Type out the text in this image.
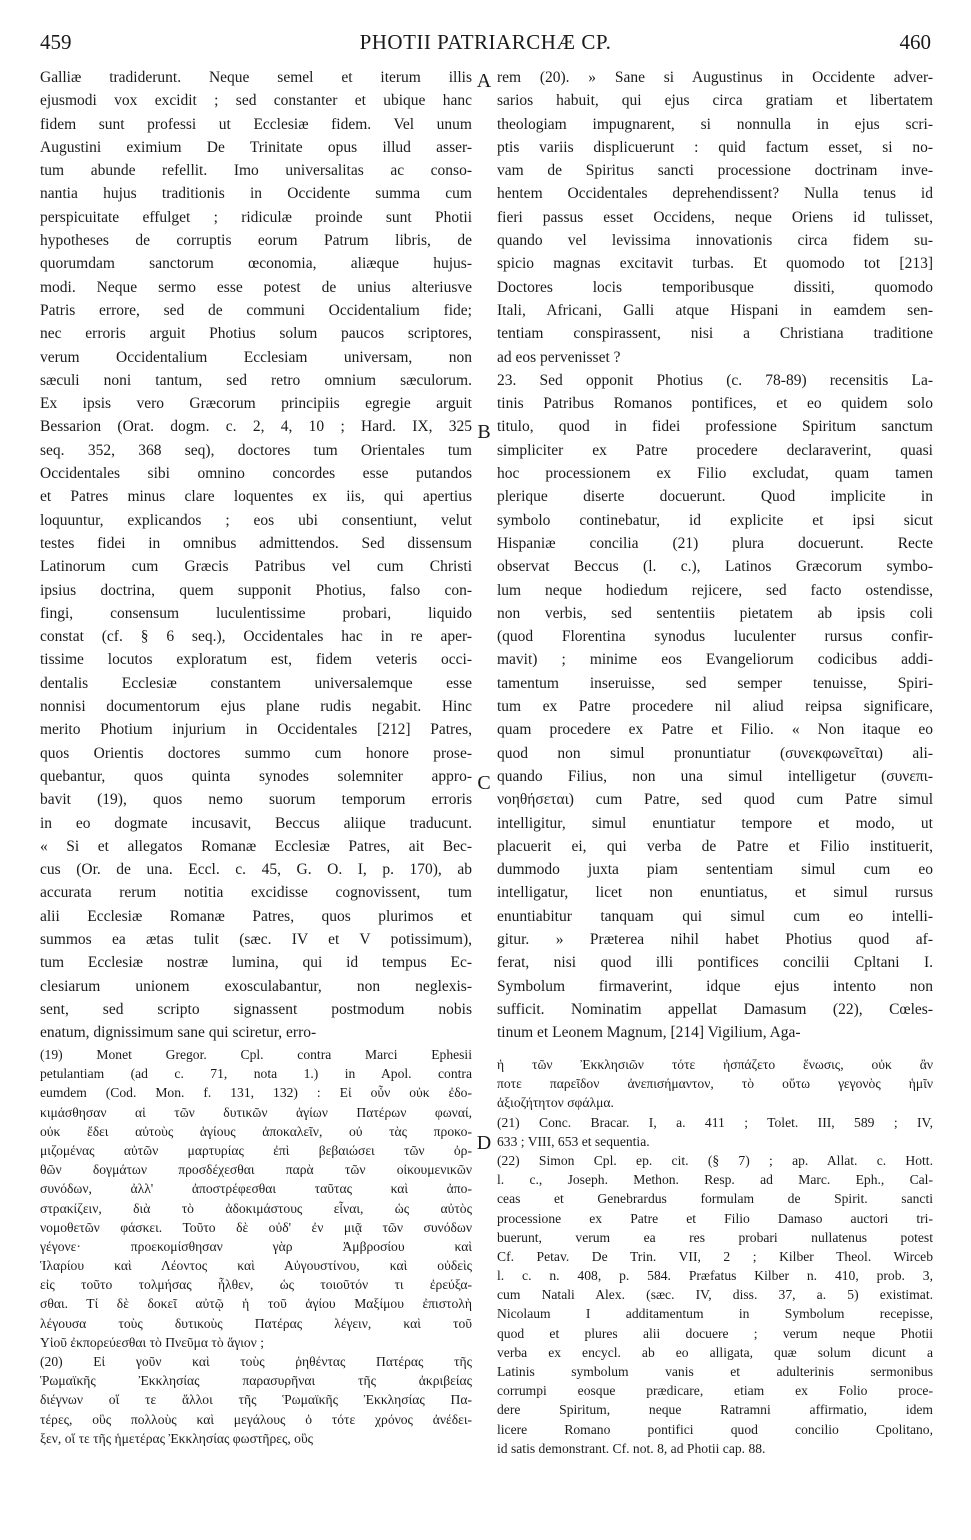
459	PHOTII PATRIARCHÆ CP.	460
Galliæ tradiderunt. Neque semel et iterum illis
ejusmodi vox excidit ; sed constanter et ubique hanc
fidem sunt professi ut Ecclesiæ fidem. Vel unum
Augustini eximium De Trinitate opus illud asser-
tum abunde refellit. Imo universalitas ac conso-
nantia hujus traditionis in Occidente summa cum
perspicuitate effulget ; ridiculæ proinde sunt Photii
hypotheses de corruptis eorum Patrum libris, de
quorumdam sanctorum œconomia, aliæque hujus-
modi. Neque sermo esse potest de unius alteriusve
Patris errore, sed de communi Occidentalium fide;
nec erroris arguit Photius solum paucos scriptores,
verum Occidentalium Ecclesiam universam, non
sæculi noni tantum, sed retro omnium sæculorum.
Ex ipsis vero Græcorum principiis egregie arguit
Bessarion (Orat. dogm. c. 2, 4, 10 ; Hard. IX, 325
seq. 352, 368 seq), doctores tum Orientales tum
Occidentales sibi omnino concordes esse putandos
et Patres minus clare loquentes ex iis, qui apertius
loquuntur, explicandos ; eos ubi consentiunt, velut
testes fidei in omnibus admittendos. Sed dissensum
Latinorum cum Græcis Patribus vel cum Christi
ipsius doctrina, quem supponit Photius, falso con-
fingi, consensum luculentissime probari, liquido
constat (cf. § 6 seq.), Occidentales hac in re aper-
tissime locutos exploratum est, fidem veteris occi-
dentalis Ecclesiæ constantem universalemque esse
nonnisi documentorum ejus plane rudis negabit. Hinc
merito Photium injurium in Occidentales [212] Patres,
quos Orientis doctores summo cum honore prose-
quebantur, quos quinta synodes solemniter appro-
bavit (19), quos nemo suorum temporum erroris
in eo dogmate incusavit, Beccus aliique traducunt.
« Si et allegatos Romanæ Ecclesiæ Patres, ait Bec-
cus (Or. de una. Eccl. c. 45, G. O. I, p. 170), ab
accurata rerum notitia excidisse cognovissent, tum
alii Ecclesiæ Romanæ Patres, quos plurimos et
summos ea ætas tulit (sæc. IV et V potissimum),
tum Ecclesiæ nostræ lumina, qui id tempus Ec-
clesiarum unionem exosculabantur, non neglexis-
sent, sed scripto signassent postmodum nobis
enatum, dignissimum sane qui sciretur, erro-
rem (20). » Sane si Augustinus in Occidente adver-
sarios habuit, qui ejus circa gratiam et libertatem
theologiam impugnarent, si nonnulla in ejus scri-
ptis variis displicuerunt : quid factum esset, si no-
vam de Spiritus sancti processione doctrinam inve-
hentem Occidentales deprehendissent? Nulla tenus id
fieri passus esset Occidens, neque Oriens id tulisset,
quando vel levissima innovationis circa fidem su-
spicio magnas excitavit turbas. Et quomodo tot [213]
Doctores locis temporibusque dissiti, quomodo
Itali, Africani, Galli atque Hispani in eamdem sen-
tentiam conspirassent, nisi a Christiana traditione
ad eos pervenisset ?
23. Sed opponit Photius (c. 78-89) recensitis La-
tinis Patribus Romanos pontifices, et eo quidem solo
titulo, quod in fidei professione Spiritum sanctum
simpliciter ex Patre procedere declaraverint, quasi
hoc processionem ex Filio excludat, quam tamen
plerique diserte docuerunt. Quod implicite in
symbolo continebatur, id explicite et ipsi sicut
Hispaniæ concilia (21) plura docuerunt. Recte
observat Beccus (l. c.), Latinos Græcorum symbo-
lum neque hodiedum rejicere, sed facto ostendisse,
non verbis, sed sententiis pietatem ab ipsis coli
(quod Florentina synodus luculenter rursus confir-
mavit) ; minime eos Evangeliorum codicibus addi-
tamentum inseruisse, sed semper tenuisse, Spiri-
tum ex Patre procedere nil aliud reipsa significare,
quam procedere ex Patre et Filio. « Non itaque eo
quod non simul pronuntiatur (συνεκφωνεῖται) ali-
quando Filius, non una simul intelligetur (συνεπι-
νοηθήσεται) cum Patre, sed quod cum Patre simul
intelligitur, simul enuntiatur tempore et modo, ut
placuerit ei, qui verba de Patre et Filio instituerit,
dummodo juxta piam sententiam simul cum eo
intelligatur, licet non enuntiatus, et simul rursus
enuntiabitur tanquam qui simul cum eo intelli-
gitur. » Præterea nihil habet Photius quod af-
ferat, nisi quod illi pontifices concilii Cpltani I.
Symbolum firmaverint, idque ejus intento non
sufficit. Nominatim appellat Damasum (22), Cœles-
tinum et Leonem Magnum, [214] Vigilium, Aga-
A
B
C
D
(19) Monet Gregor. Cpl. contra Marci Ephesii
petulantiam (ad c. 71, nota 1.) in Apol. contra
eumdem (Cod. Mon. f. 131, 132) : Εἰ οὖν οὐκ ἐδο-
κιμάσθησαν αἱ τῶν δυτικῶν ἁγίων Πατέρων φωναί,
οὐκ ἔδει αὐτοὺς ἁγίους ἀποκαλεῖν, οὐ τὰς προκο-
μιζομένας αὐτῶν μαρτυρίας ἐπὶ βεβαιώσει τῶν ὀρ-
θῶν δογμάτων προσδέχεσθαι παρὰ τῶν οἰκουμενικῶν
συνόδων, ἀλλ' ἀποστρέφεσθαι ταῦτας καὶ ἀπο-
στρακίζειν, διὰ τὸ ἀδοκιμάστους εἶναι, ὡς αὐτὸς
νομοθετῶν φάσκει. Τοῦτο δὲ οὐδ' ἐν μιᾷ τῶν συνόδων
γέγονε· προεκομίσθησαν γὰρ Ἀμβροσίου καὶ
Ἱλαρίου καὶ Λέοντος καὶ Αὐγουστίνου, καὶ οὐδεὶς
εἰς τοῦτο τολμήσας ἦλθεν, ὡς τοιοῦτόν τι ἐρεύξα-
σθαι. Τί δὲ δοκεῖ αὐτῷ ἡ τοῦ ἁγίου Μαξίμου ἐπιστολὴ
λέγουσα τοὺς δυτικοὺς Πατέρας λέγειν, καὶ τοῦ
Υἱοῦ ἐκπορεύεσθαι τὸ Πνεῦμα τὸ ἅγιον ;
(20) Εἰ γοῦν καὶ τοὺς ῥηθέντας Πατέρας τῆς
Ῥωμαϊκῆς Ἐκκλησίας παρασυρῆναι τῆς ἀκριβείας
διέγνων οἵ τε ἄλλοι τῆς Ῥωμαϊκῆς Ἐκκλησίας Πα-
τέρες, οὓς πολλοὺς καὶ μεγάλους ὁ τότε χρόνος ἀνέδει-
ξεν, οἵ τε τῆς ἡμετέρας Ἐκκλησίας φωστῆρες, οὓς
ἡ τῶν Ἐκκλησιῶν τότε ἠσπάζετο ἕνωσις, οὐκ ἂν
ποτε παρεῖδον ἀνεπισήμαντον, τὸ οὕτω γεγονὸς ἡμῖν
ἀξιοζήτητον σφάλμα.
(21) Conc. Bracar. I, a. 411 ; Tolet. III, 589 ; IV,
633 ; VIII, 653 et sequentia.
(22) Simon Cpl. ep. cit. (§ 7) ; ap. Allat. c. Hott.
l. c., Joseph. Methon. Resp. ad Marc. Eph., Cal-
ceas et Genebrardus formulam de Spirit. sancti
processione ex Patre et Filio Damaso auctori tri-
buerunt, verum ea res probari nullatenus potest
Cf. Petav. De Trin. VII, 2 ; Kilber Theol. Wirceb
l. c. n. 408, p. 584. Præfatus Kilber n. 410, prob. 3,
cum Natali Alex. (sæc. IV, diss. 37, a. 5) existimat.
Nicolaum I additamentum in Symbolum recepisse,
quod et plures alii docuere ; verum neque Photii
verba ex encycl. ab eo alligata, quæ solum dicunt a
Latinis symbolum vanis et adulterinis sermonibus
corrumpi eosque prædicare, etiam ex Folio proce-
dere Spiritum, neque Ratramni affirmatio, idem
licere Romano pontifici quod concilio Cpolitano,
id satis demonstrant. Cf. not. 8, ad Photii cap. 88.
